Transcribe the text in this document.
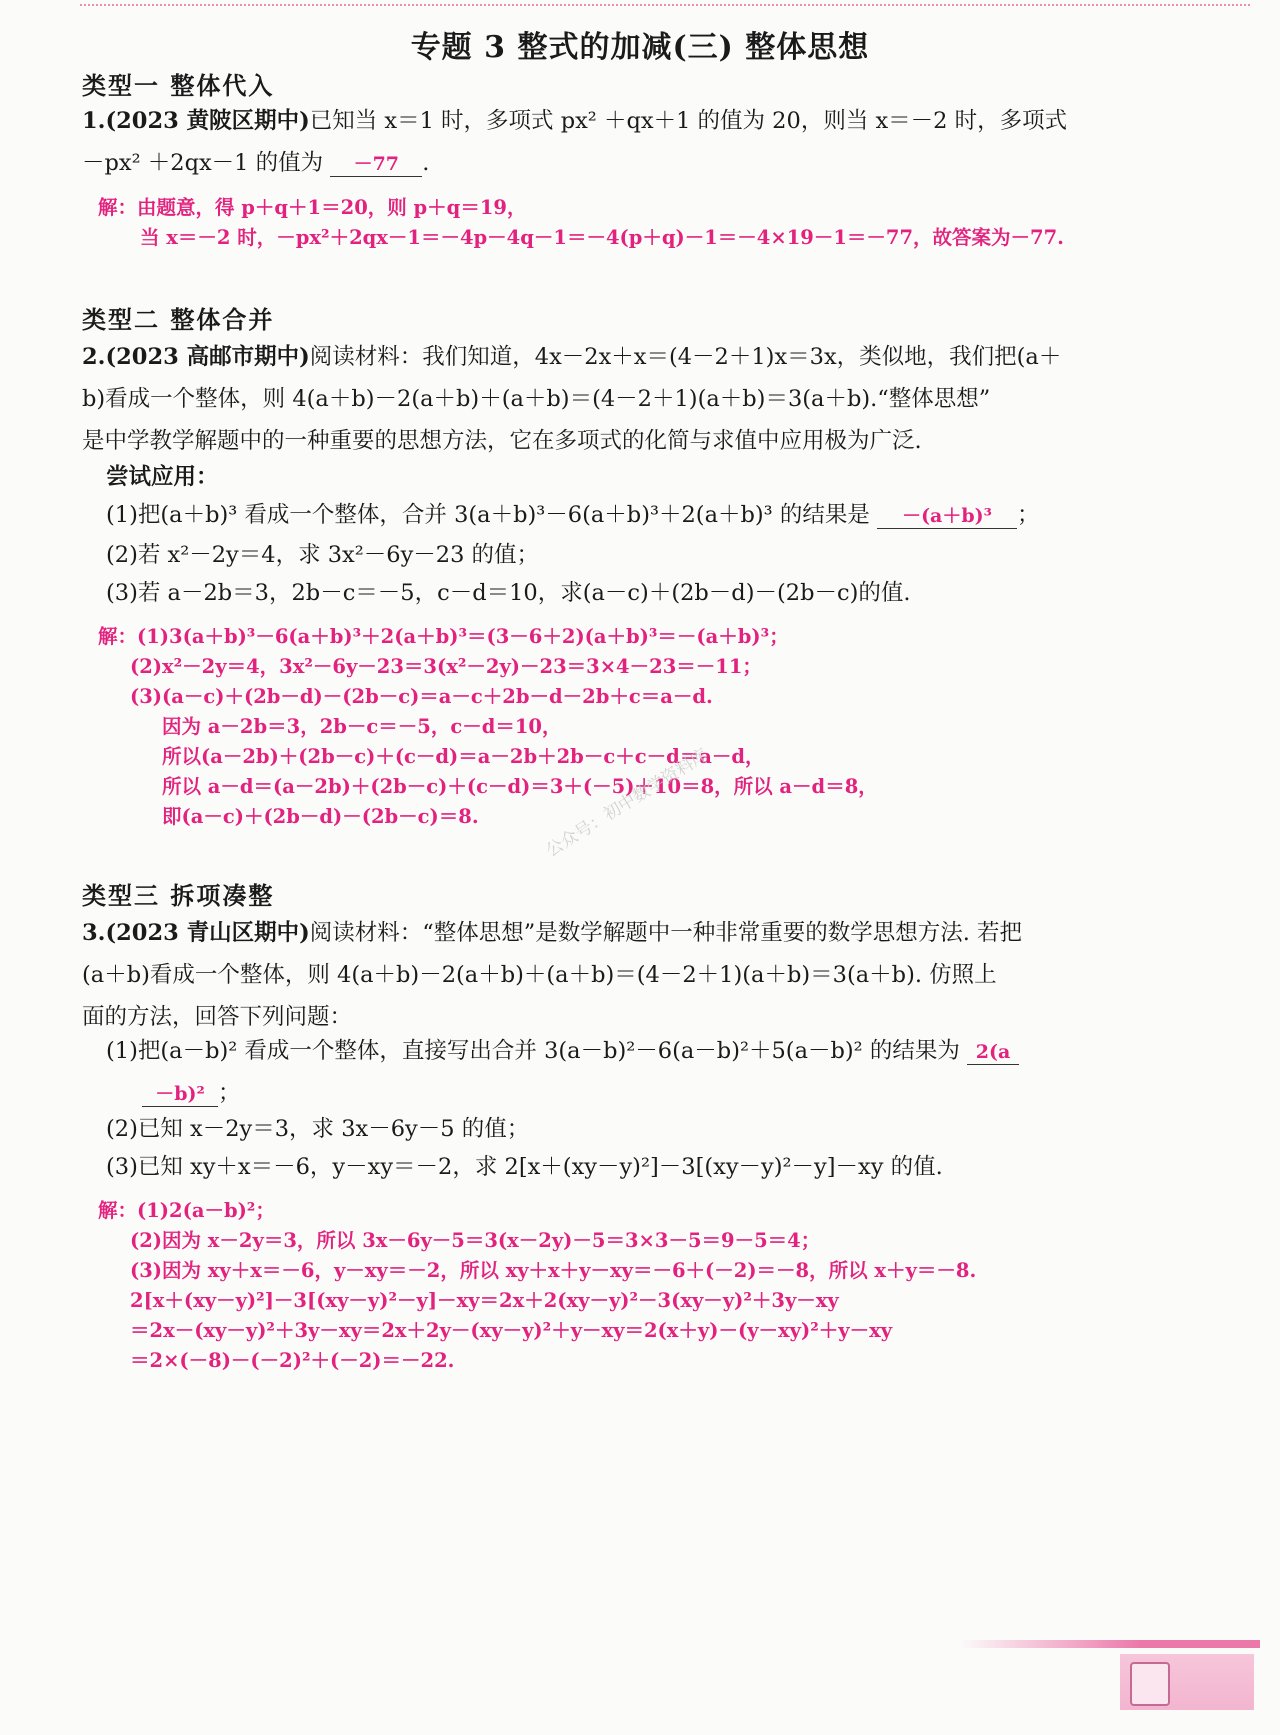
专题 3 整式的加减(三) 整体思想
类型一 整体代入
1.(2023 黄陂区期中)已知当 x＝1 时，多项式 px² ＋qx＋1 的值为 20，则当 x＝－2 时，多项式
－px² ＋2qx－1 的值为 －77 .
解：由题意，得 p＋q＋1＝20，则 p＋q＝19，
当 x＝－2 时，－px²＋2qx－1＝－4p－4q－1＝－4(p＋q)－1＝－4×19－1＝－77，故答案为－77.
类型二 整体合并
2.(2023 高邮市期中)阅读材料：我们知道，4x－2x＋x＝(4－2＋1)x＝3x，类似地，我们把(a＋
b)看成一个整体，则 4(a＋b)－2(a＋b)＋(a＋b)＝(4－2＋1)(a＋b)＝3(a＋b).“整体思想”
是中学教学解题中的一种重要的思想方法，它在多项式的化简与求值中应用极为广泛.
尝试应用：
(1)把(a＋b)³ 看成一个整体，合并 3(a＋b)³－6(a＋b)³＋2(a＋b)³ 的结果是 －(a＋b)³ ；
(2)若 x²－2y＝4，求 3x²－6y－23 的值；
(3)若 a－2b＝3，2b－c＝－5，c－d＝10，求(a－c)＋(2b－d)－(2b－c)的值.
解：(1)3(a＋b)³－6(a＋b)³＋2(a＋b)³＝(3－6＋2)(a＋b)³＝－(a＋b)³；
(2)x²－2y＝4，3x²－6y－23＝3(x²－2y)－23＝3×4－23＝－11；
(3)(a－c)＋(2b－d)－(2b－c)＝a－c＋2b－d－2b＋c＝a－d.
因为 a－2b＝3，2b－c＝－5，c－d＝10，
所以(a－2b)＋(2b－c)＋(c－d)＝a－2b＋2b－c＋c－d＝a－d，
所以 a－d＝(a－2b)＋(2b－c)＋(c－d)＝3＋(－5)＋10＝8，所以 a－d＝8，
即(a－c)＋(2b－d)－(2b－c)＝8.
类型三 拆项凑整
3.(2023 青山区期中)阅读材料：“整体思想”是数学解题中一种非常重要的数学思想方法. 若把
(a＋b)看成一个整体，则 4(a＋b)－2(a＋b)＋(a＋b)＝(4－2＋1)(a＋b)＝3(a＋b). 仿照上
面的方法，回答下列问题：
(1)把(a－b)² 看成一个整体，直接写出合并 3(a－b)²－6(a－b)²＋5(a－b)² 的结果为 2(a
－b)² ；
(2)已知 x－2y＝3，求 3x－6y－5 的值；
(3)已知 xy＋x＝－6，y－xy＝－2，求 2[x＋(xy－y)²]－3[(xy－y)²－y]－xy 的值.
解：(1)2(a－b)²；
(2)因为 x－2y＝3，所以 3x－6y－5＝3(x－2y)－5＝3×3－5＝9－5＝4；
(3)因为 xy＋x＝－6，y－xy＝－2，所以 xy＋x＋y－xy＝－6＋(－2)＝－8，所以 x＋y＝－8.
2[x＋(xy－y)²]－3[(xy－y)²－y]－xy＝2x＋2(xy－y)²－3(xy－y)²＋3y－xy
＝2x－(xy－y)²＋3y－xy＝2x＋2y－(xy－y)²＋y－xy＝2(x＋y)－(y－xy)²＋y－xy
＝2×(－8)－(－2)²＋(－2)＝－22.
公众号：初中数学资料库
